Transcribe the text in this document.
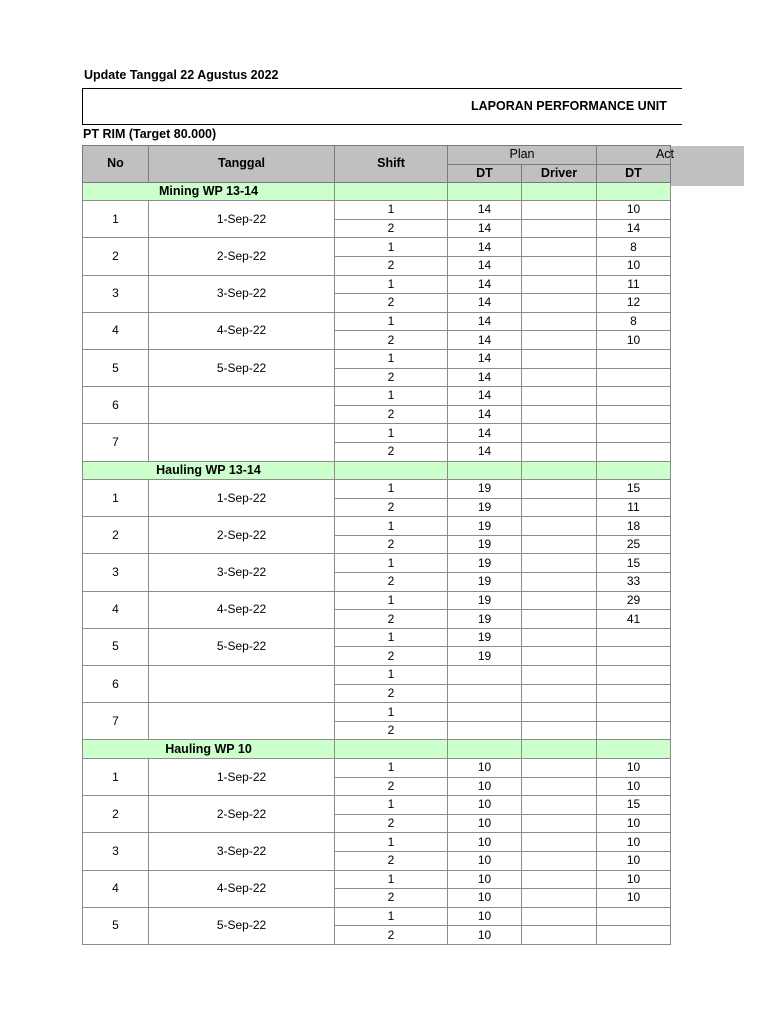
Update Tanggal 22 Agustus 2022
LAPORAN PERFORMANCE UNIT
PT RIM (Target 80.000)
No	Tanggal	Shift	Plan		Act
			DT	Driver	DT
Mining WP 13-14					
1	1-Sep-22	1	14		10
		2	14		14
2	2-Sep-22	1	14		8
		2	14		10
3	3-Sep-22	1	14		11
		2	14		12
4	4-Sep-22	1	14		8
		2	14		10
5	5-Sep-22	1	14		
		2	14		
6		1	14		
		2	14		
7		1	14		
		2	14		
Hauling WP 13-14					
1	1-Sep-22	1	19		15
		2	19		11
2	2-Sep-22	1	19		18
		2	19		25
3	3-Sep-22	1	19		15
		2	19		33
4	4-Sep-22	1	19		29
		2	19		41
5	5-Sep-22	1	19		
		2	19		
6		1			
		2			
7		1			
		2			
Hauling WP 10					
1	1-Sep-22	1	10		10
		2	10		10
2	2-Sep-22	1	10		15
		2	10		10
3	3-Sep-22	1	10		10
		2	10		10
4	4-Sep-22	1	10		10
		2	10		10
5	5-Sep-22	1	10		
		2	10		
